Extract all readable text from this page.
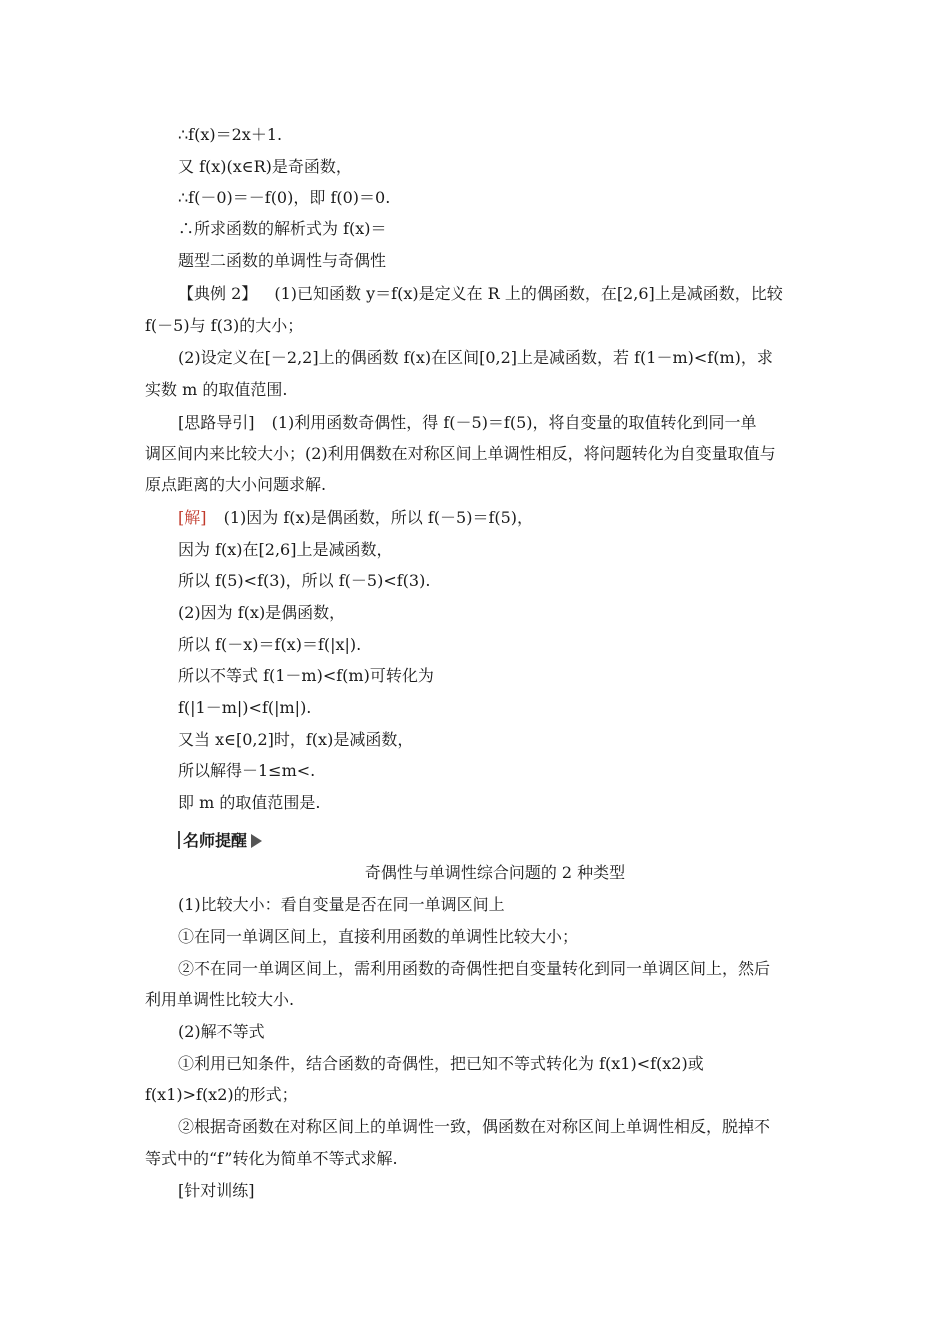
∴f(x)＝2x＋1.
又 f(x)(x∈R)是奇函数，
∴f(－0)＝－f(0)，即 f(0)＝0.
∴所求函数的解析式为 f(x)＝
题型二函数的单调性与奇偶性
【典例 2】 (1)已知函数 y＝f(x)是定义在 R 上的偶函数，在[2,6]上是减函数，比较
f(－5)与 f(3)的大小；
(2)设定义在[－2,2]上的偶函数 f(x)在区间[0,2]上是减函数，若 f(1－m)<f(m)，求
实数 m 的取值范围.
[思路导引] (1)利用函数奇偶性，得 f(－5)＝f(5)，将自变量的取值转化到同一单
调区间内来比较大小；(2)利用偶数在对称区间上单调性相反，将问题转化为自变量取值与
原点距离的大小问题求解.
[解] (1)因为 f(x)是偶函数，所以 f(－5)＝f(5)，
因为 f(x)在[2,6]上是减函数，
所以 f(5)<f(3)，所以 f(－5)<f(3).
(2)因为 f(x)是偶函数，
所以 f(－x)＝f(x)＝f(|x|).
所以不等式 f(1－m)<f(m)可转化为
f(|1－m|)<f(|m|).
又当 x∈[0,2]时，f(x)是减函数，
所以解得－1≤m<.
即 m 的取值范围是.
名师提醒
奇偶性与单调性综合问题的 2 种类型
(1)比较大小：看自变量是否在同一单调区间上
①在同一单调区间上，直接利用函数的单调性比较大小；
②不在同一单调区间上，需利用函数的奇偶性把自变量转化到同一单调区间上，然后
利用单调性比较大小.
(2)解不等式
①利用已知条件，结合函数的奇偶性，把已知不等式转化为 f(x1)<f(x2)或
f(x1)>f(x2)的形式；
②根据奇函数在对称区间上的单调性一致，偶函数在对称区间上单调性相反，脱掉不
等式中的“f”转化为简单不等式求解.
[针对训练]
